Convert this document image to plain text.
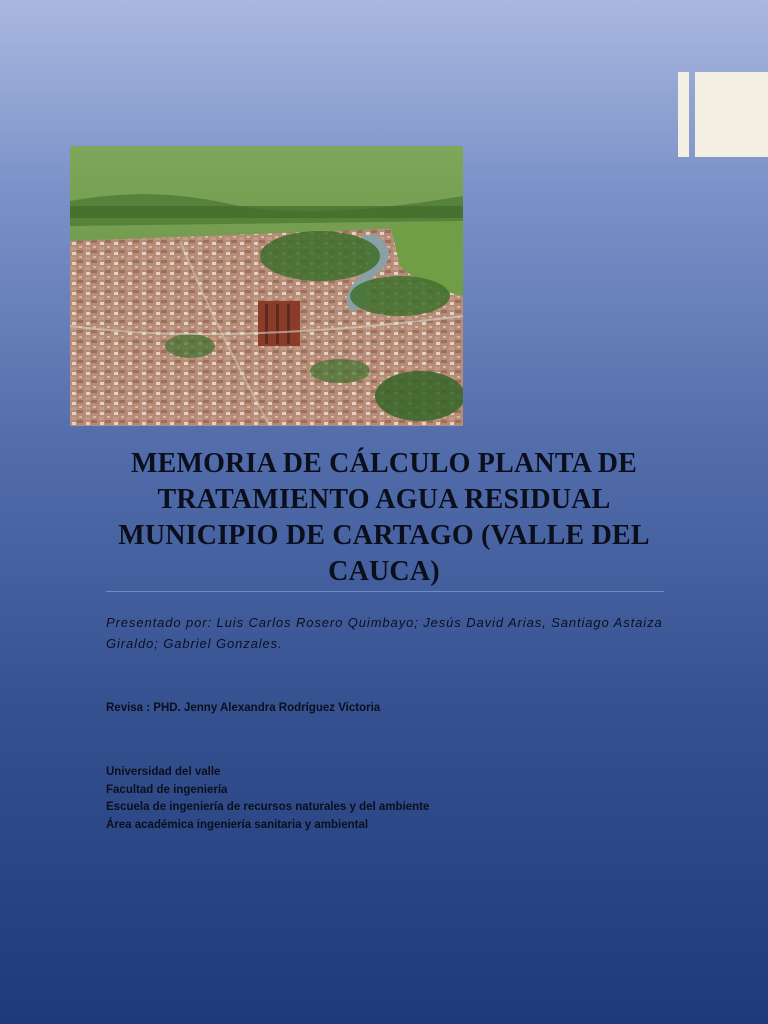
MEMORIA DE CÁLCULO PLANTA DE TRATAMIENTO AGUA RESIDUAL MUNICIPIO DE CARTAGO (VALLE DEL CAUCA)

Presentado por: Luis Carlos Rosero Quimbayo; Jesús David Arias, Santiago Astaiza Giraldo; Gabriel Gonzales.

Revisa : PHD. Jenny Alexandra Rodríguez Victoria

Universidad del valle
Facultad de ingeniería
Escuela de ingeniería de recursos naturales y del ambiente
Área académica ingeniería sanitaria y ambiental
